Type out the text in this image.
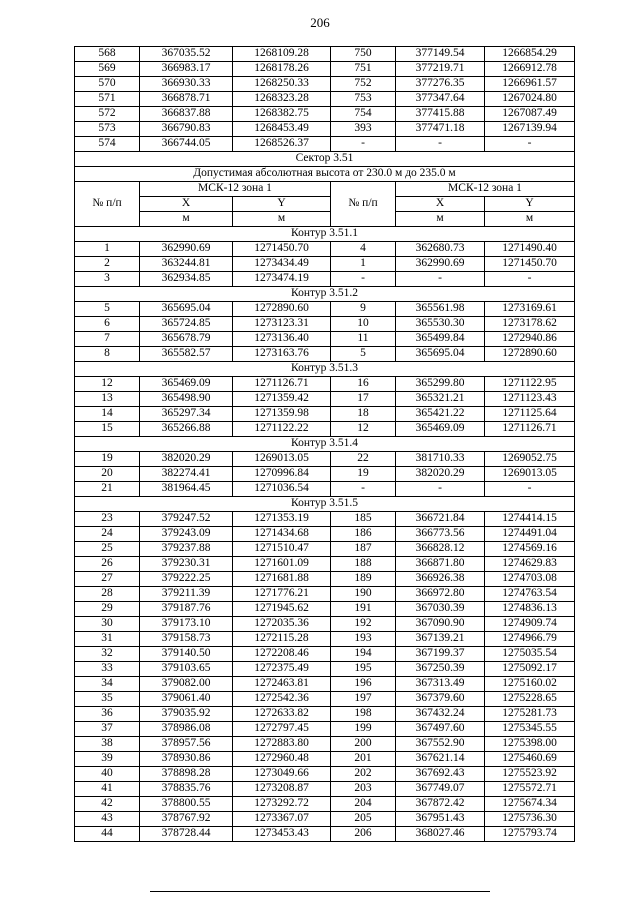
206
568	367035.52	1268109.28	750	377149.54	1266854.29
569	366983.17	1268178.26	751	377219.71	1266912.78
570	366930.33	1268250.33	752	377276.35	1266961.57
571	366878.71	1268323.28	753	377347.64	1267024.80
572	366837.88	1268382.75	754	377415.88	1267087.49
573	366790.83	1268453.49	393	377471.18	1267139.94
574	366744.05	1268526.37	-	-	-
Сектор 3.51					
Допустимая абсолютная высота от 230.0 м до 235.0 м					
№ п/п	МСК-12 зона 1		№ п/п	МСК-12 зона 1	
	X	Y		X	Y
	м	м		м	м
Контур 3.51.1					
1	362990.69	1271450.70	4	362680.73	1271490.40
2	363244.81	1273434.49	1	362990.69	1271450.70
3	362934.85	1273474.19	-	-	-
Контур 3.51.2					
5	365695.04	1272890.60	9	365561.98	1273169.61
6	365724.85	1273123.31	10	365530.30	1273178.62
7	365678.79	1273136.40	11	365499.84	1272940.86
8	365582.57	1273163.76	5	365695.04	1272890.60
Контур 3.51.3					
12	365469.09	1271126.71	16	365299.80	1271122.95
13	365498.90	1271359.42	17	365321.21	1271123.43
14	365297.34	1271359.98	18	365421.22	1271125.64
15	365266.88	1271122.22	12	365469.09	1271126.71
Контур 3.51.4					
19	382020.29	1269013.05	22	381710.33	1269052.75
20	382274.41	1270996.84	19	382020.29	1269013.05
21	381964.45	1271036.54	-	-	-
Контур 3.51.5					
23	379247.52	1271353.19	185	366721.84	1274414.15
24	379243.09	1271434.68	186	366773.56	1274491.04
25	379237.88	1271510.47	187	366828.12	1274569.16
26	379230.31	1271601.09	188	366871.80	1274629.83
27	379222.25	1271681.88	189	366926.38	1274703.08
28	379211.39	1271776.21	190	366972.80	1274763.54
29	379187.76	1271945.62	191	367030.39	1274836.13
30	379173.10	1272035.36	192	367090.90	1274909.74
31	379158.73	1272115.28	193	367139.21	1274966.79
32	379140.50	1272208.46	194	367199.37	1275035.54
33	379103.65	1272375.49	195	367250.39	1275092.17
34	379082.00	1272463.81	196	367313.49	1275160.02
35	379061.40	1272542.36	197	367379.60	1275228.65
36	379035.92	1272633.82	198	367432.24	1275281.73
37	378986.08	1272797.45	199	367497.60	1275345.55
38	378957.56	1272883.80	200	367552.90	1275398.00
39	378930.86	1272960.48	201	367621.14	1275460.69
40	378898.28	1273049.66	202	367692.43	1275523.92
41	378835.76	1273208.87	203	367749.07	1275572.71
42	378800.55	1273292.72	204	367872.42	1275674.34
43	378767.92	1273367.07	205	367951.43	1275736.30
44	378728.44	1273453.43	206	368027.46	1275793.74
